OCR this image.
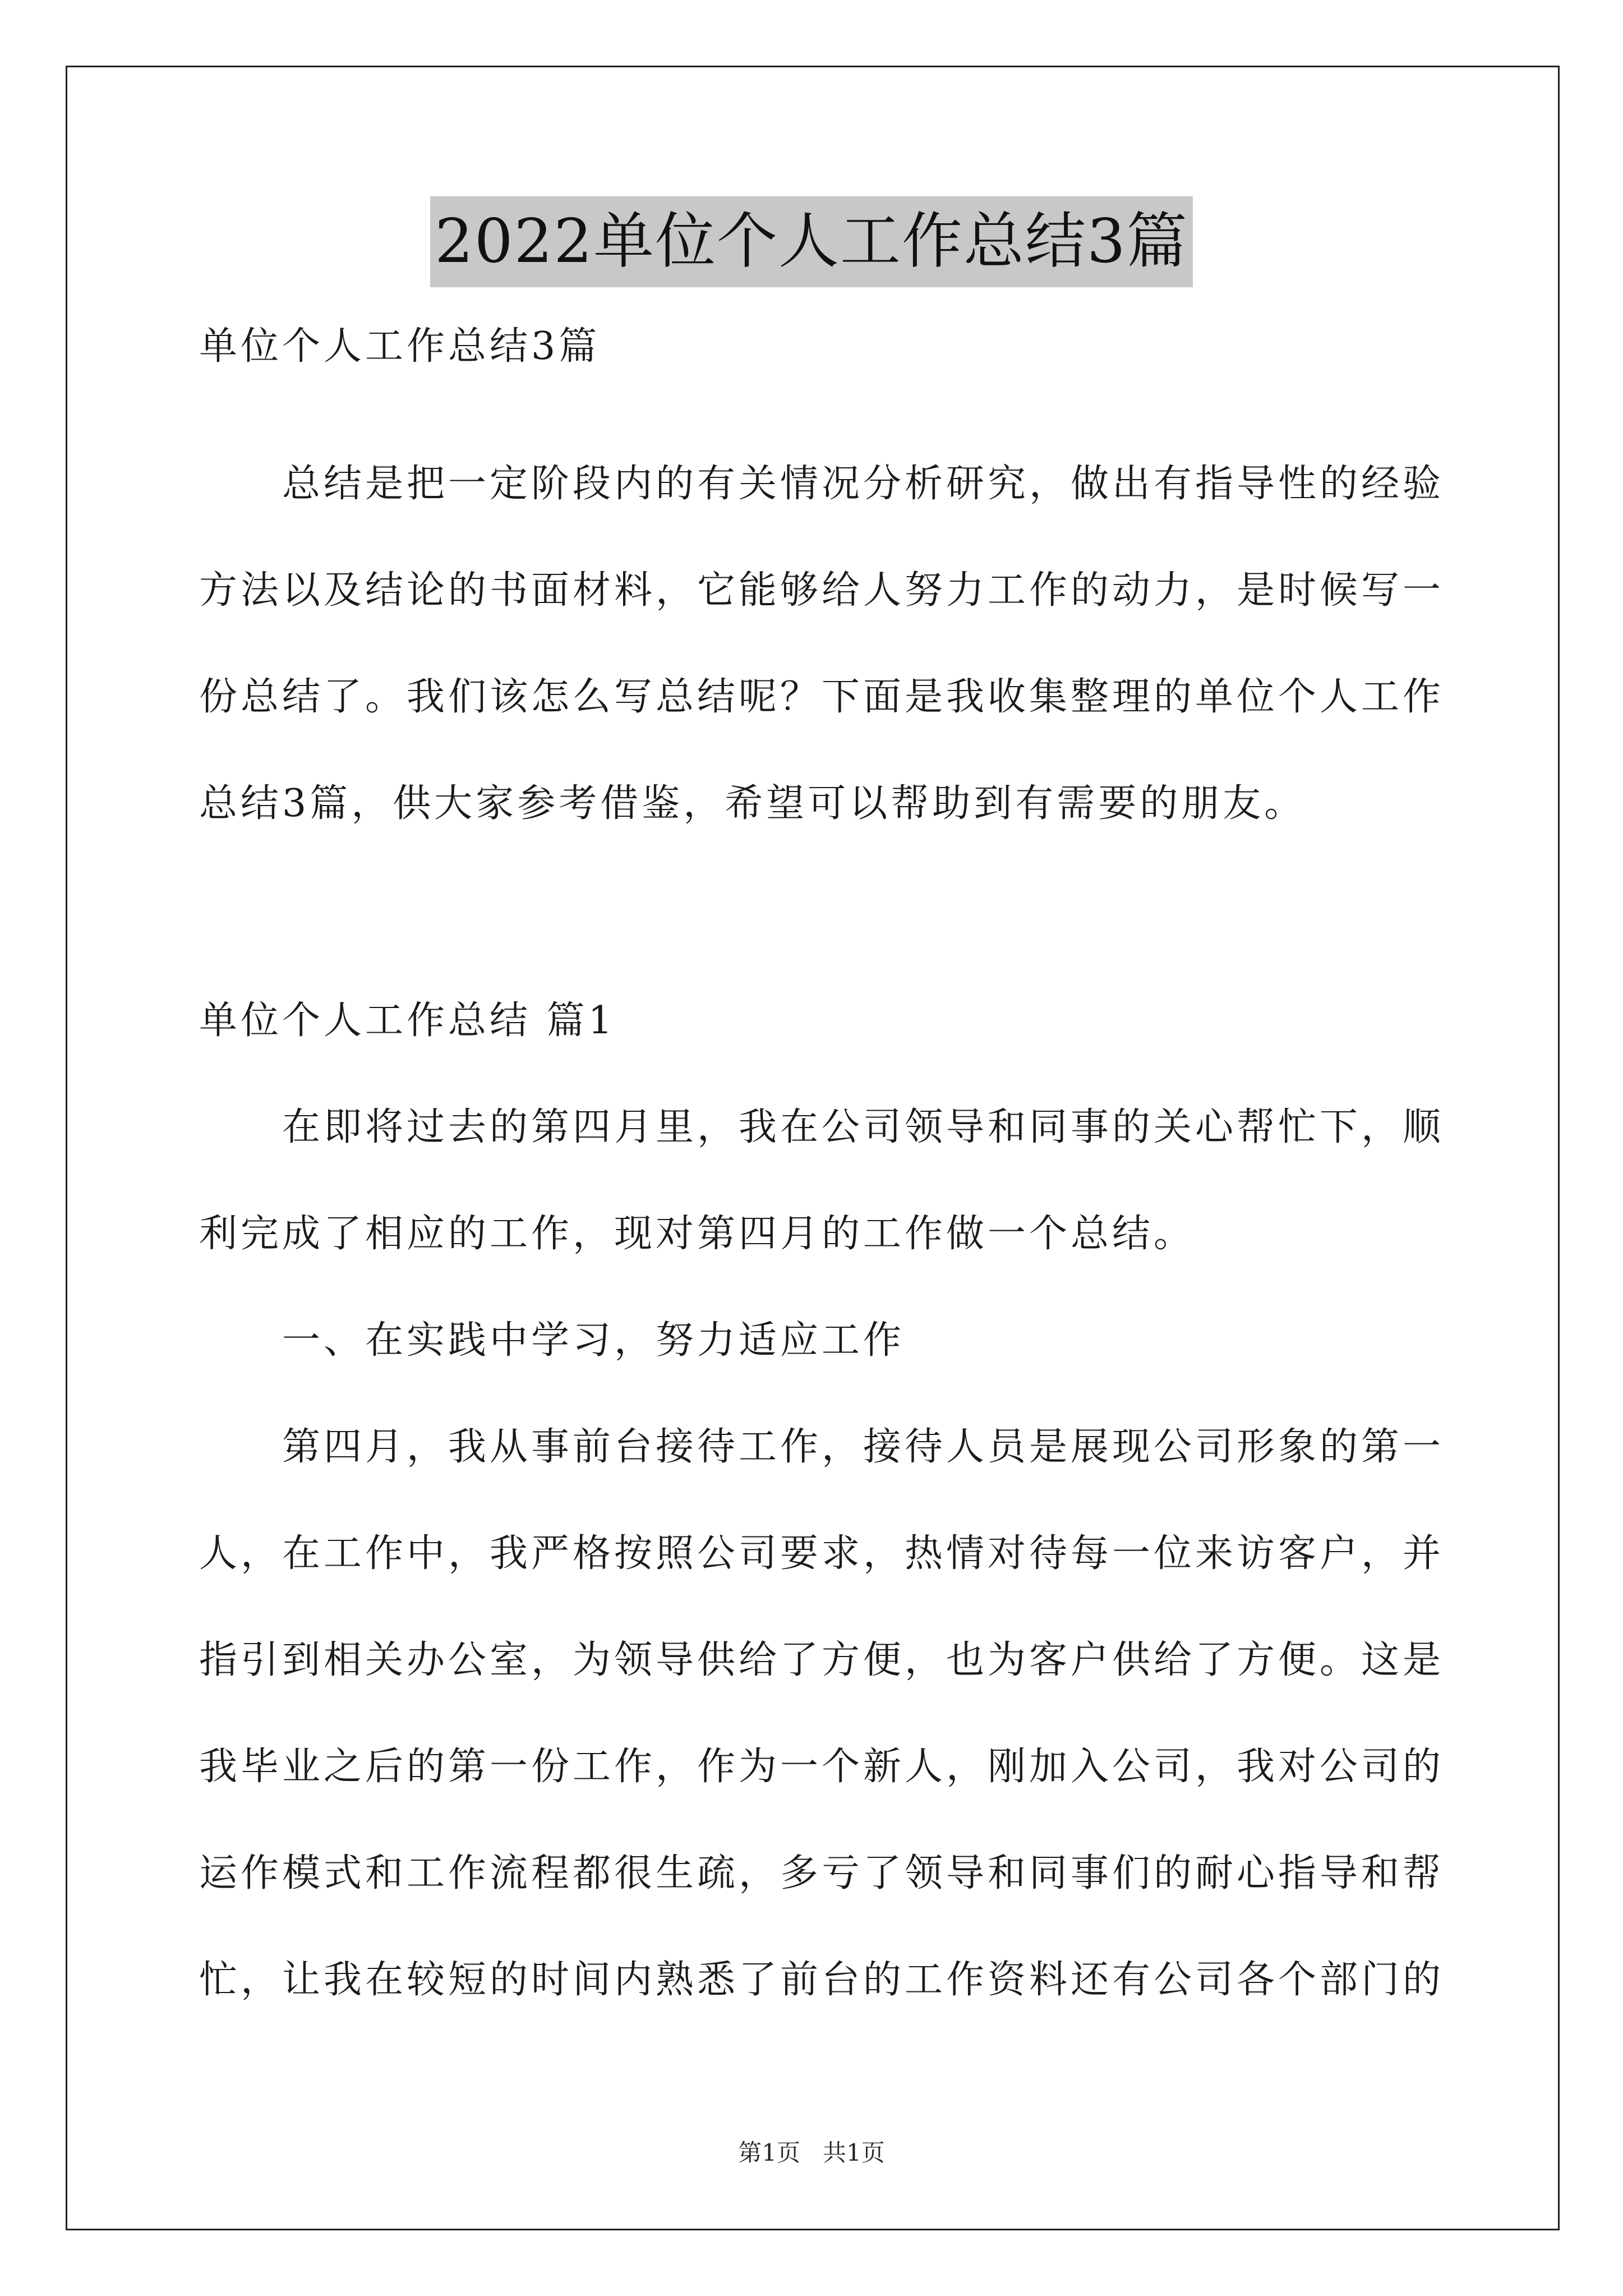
2022单位个人工作总结3篇
单位个人工作总结3篇
总结是把一定阶段内的有关情况分析研究，做出有指导性的经验
方法以及结论的书面材料，它能够给人努力工作的动力，是时候写一
份总结了。我们该怎么写总结呢？下面是我收集整理的单位个人工作
总结3篇，供大家参考借鉴，希望可以帮助到有需要的朋友。
单位个人工作总结 篇1
在即将过去的第四月里，我在公司领导和同事的关心帮忙下，顺
利完成了相应的工作，现对第四月的工作做一个总结。
一、在实践中学习，努力适应工作
第四月，我从事前台接待工作，接待人员是展现公司形象的第一
人，在工作中，我严格按照公司要求，热情对待每一位来访客户，并
指引到相关办公室，为领导供给了方便，也为客户供给了方便。这是
我毕业之后的第一份工作，作为一个新人，刚加入公司，我对公司的
运作模式和工作流程都很生疏，多亏了领导和同事们的耐心指导和帮
忙，让我在较短的时间内熟悉了前台的工作资料还有公司各个部门的
第1页   共1页
